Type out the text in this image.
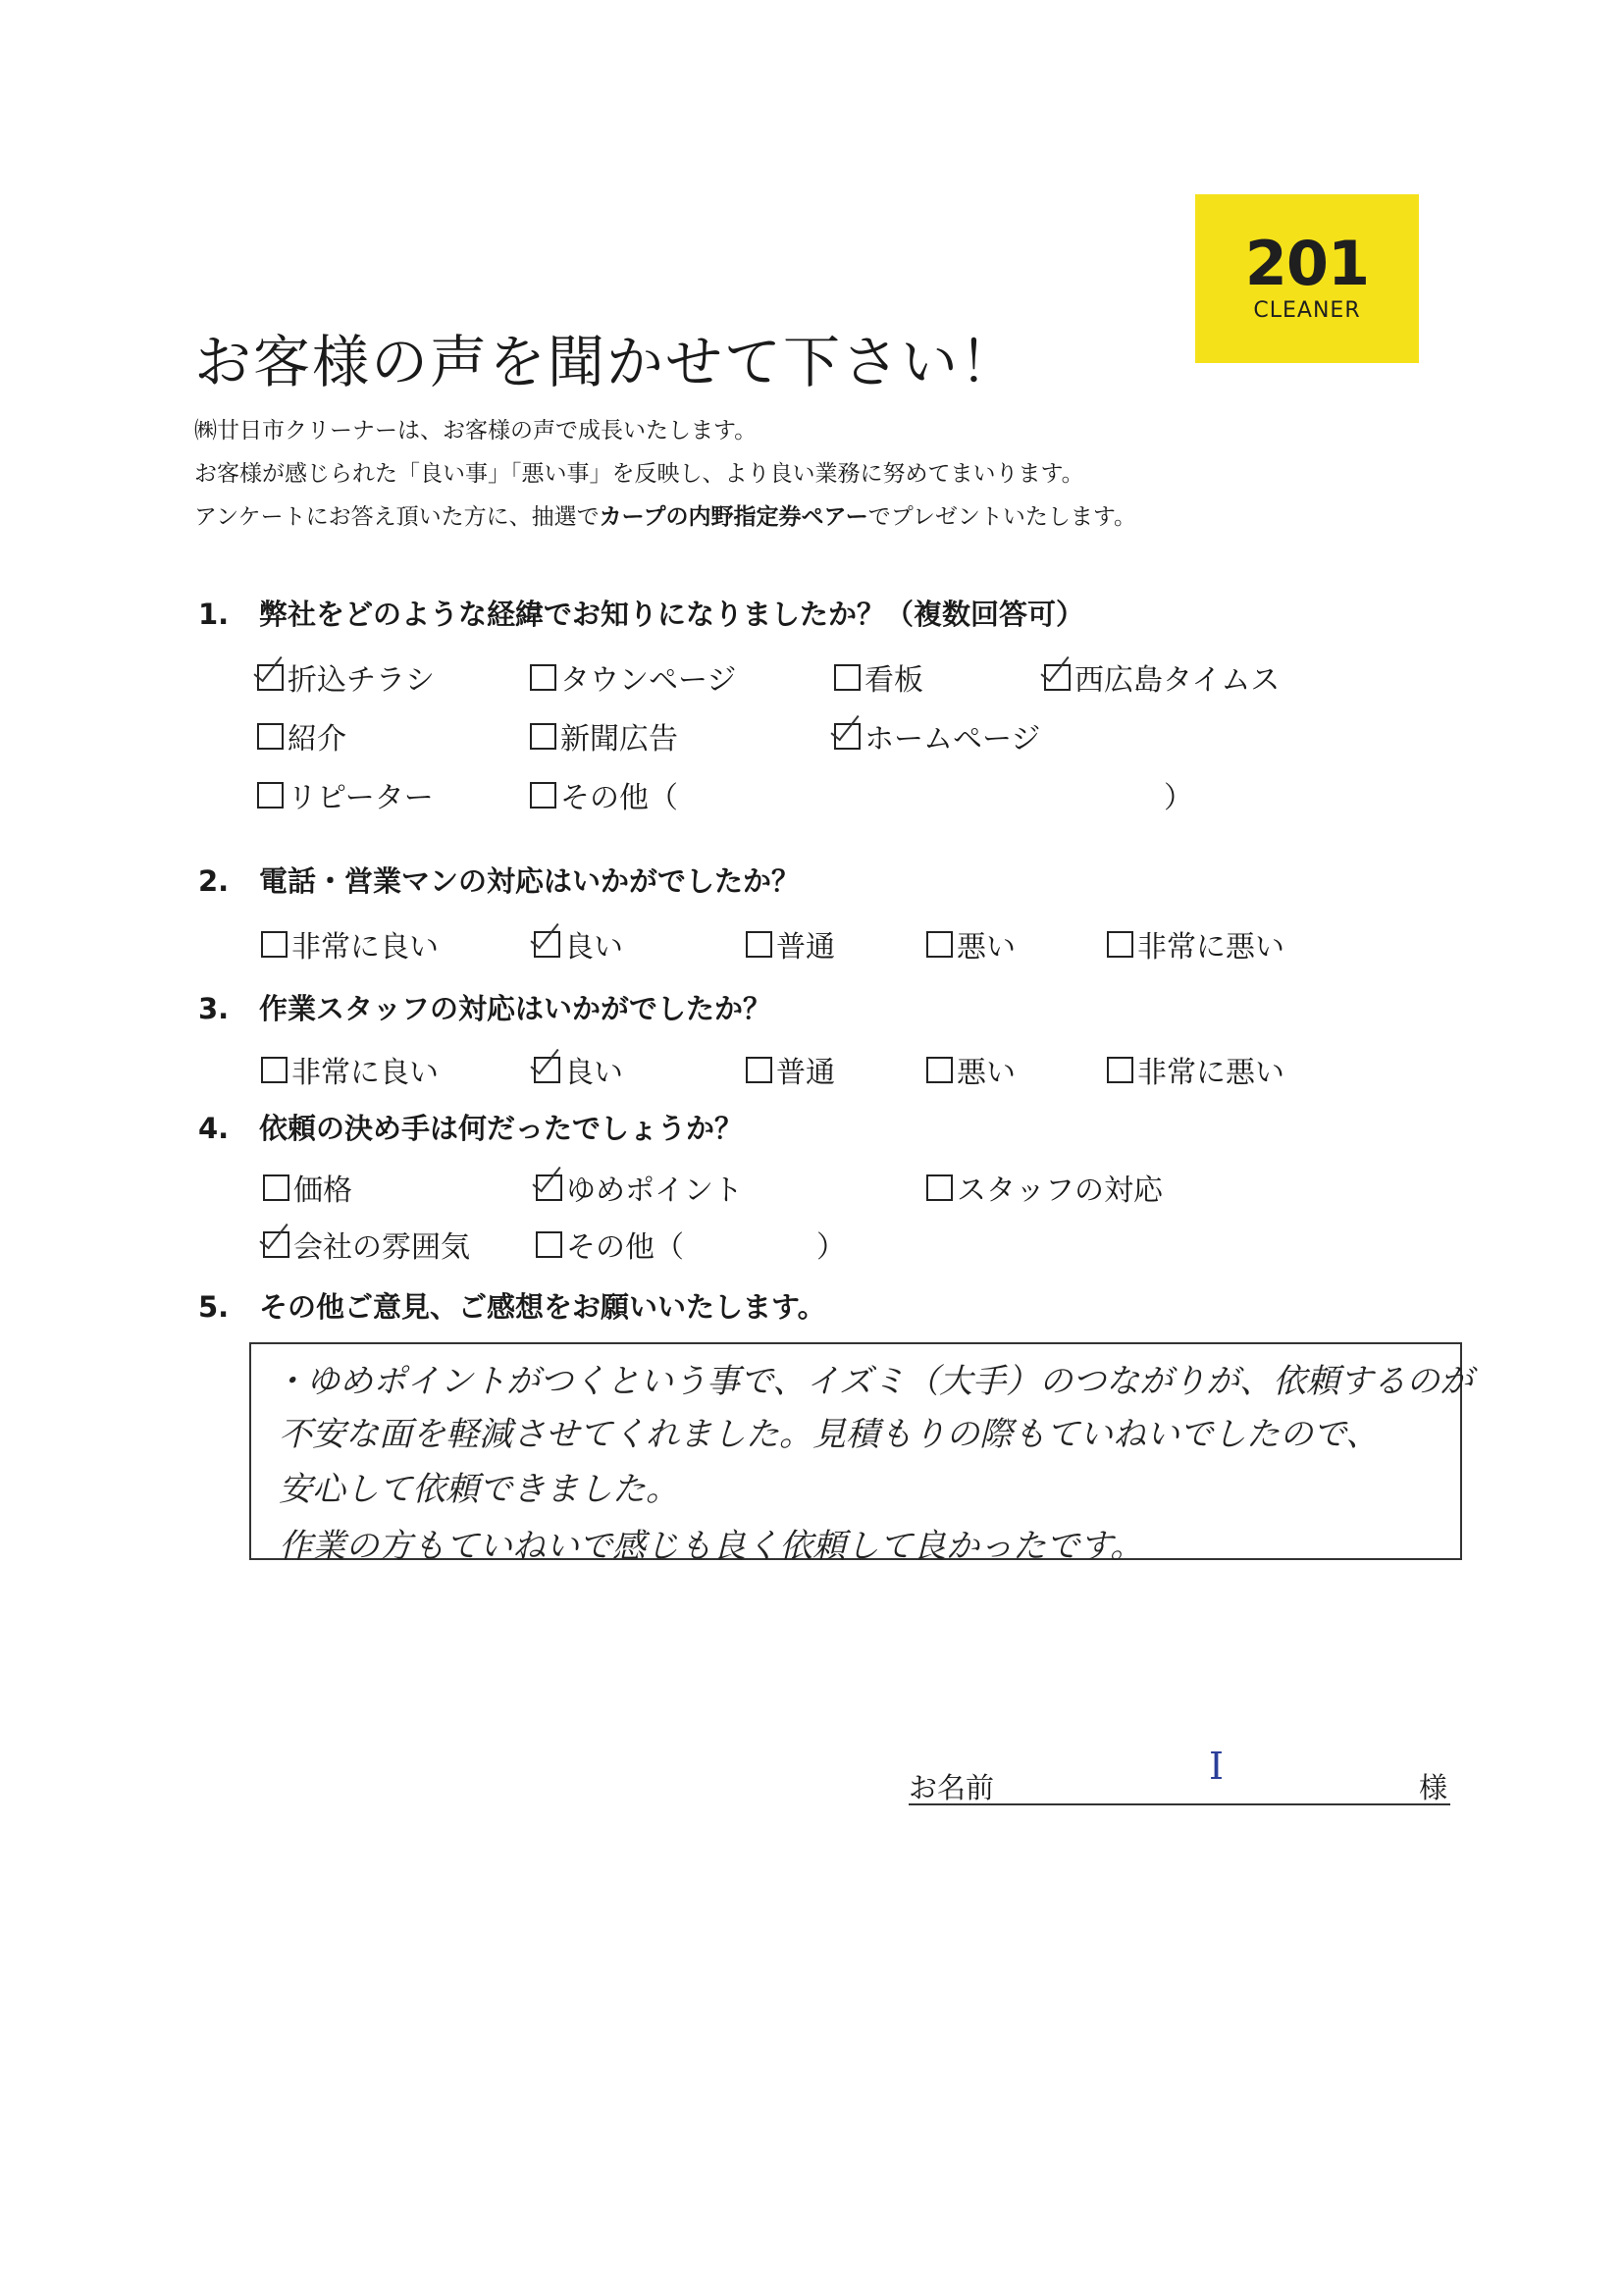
201
CLEANER
お客様の声を聞かせて下さい！
㈱廿日市クリーナーは、お客様の声で成長いたします。
お客様が感じられた「良い事」「悪い事」を反映し、より良い業務に努めてまいります。
アンケートにお答え頂いた方に、抽選でカープの内野指定券ペアーでプレゼントいたします。
1. 弊社をどのような経緯でお知りになりましたか？（複数回答可）
折込チラシ	タウンページ	看板	西広島タイムス
紹介	新聞広告	ホームページ
リピーター	その他（	）
2. 電話・営業マンの対応はいかがでしたか？
非常に良い	良い	普通	悪い	非常に悪い
3. 作業スタッフの対応はいかがでしたか？
非常に良い	良い	普通	悪い	非常に悪い
4. 依頼の決め手は何だったでしょうか？
価格	ゆめポイント	スタッフの対応
会社の雰囲気	その他（	）
5. その他ご意見、ご感想をお願いいたします。
・ゆめポイントがつくという事で、イズミ（大手）のつながりが、依頼するのが
不安な面を軽減させてくれました。見積もりの際もていねいでしたので、
安心して依頼できました。
作業の方もていねいで感じも良く依頼して良かったです。
お名前	I	様
